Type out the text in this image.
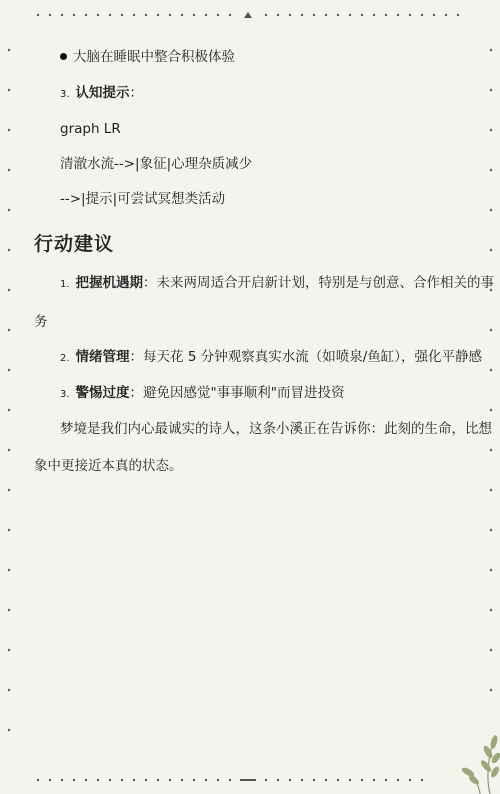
大脑在睡眠中整合积极体验
3. 认知提示：
graph LR
清澈水流-->|象征|心理杂质减少
-->|提示|可尝试冥想类活动
行动建议
1. 把握机遇期：未来两周适合开启新计划，特别是与创意、合作相关的事
务
2. 情绪管理：每天花 5 分钟观察真实水流（如喷泉/鱼缸），强化平静感
3. 警惕过度：避免因感觉"事事顺利"而冒进投资
梦境是我们内心最诚实的诗人，这条小溪正在告诉你：此刻的生命，比想
象中更接近本真的状态。
